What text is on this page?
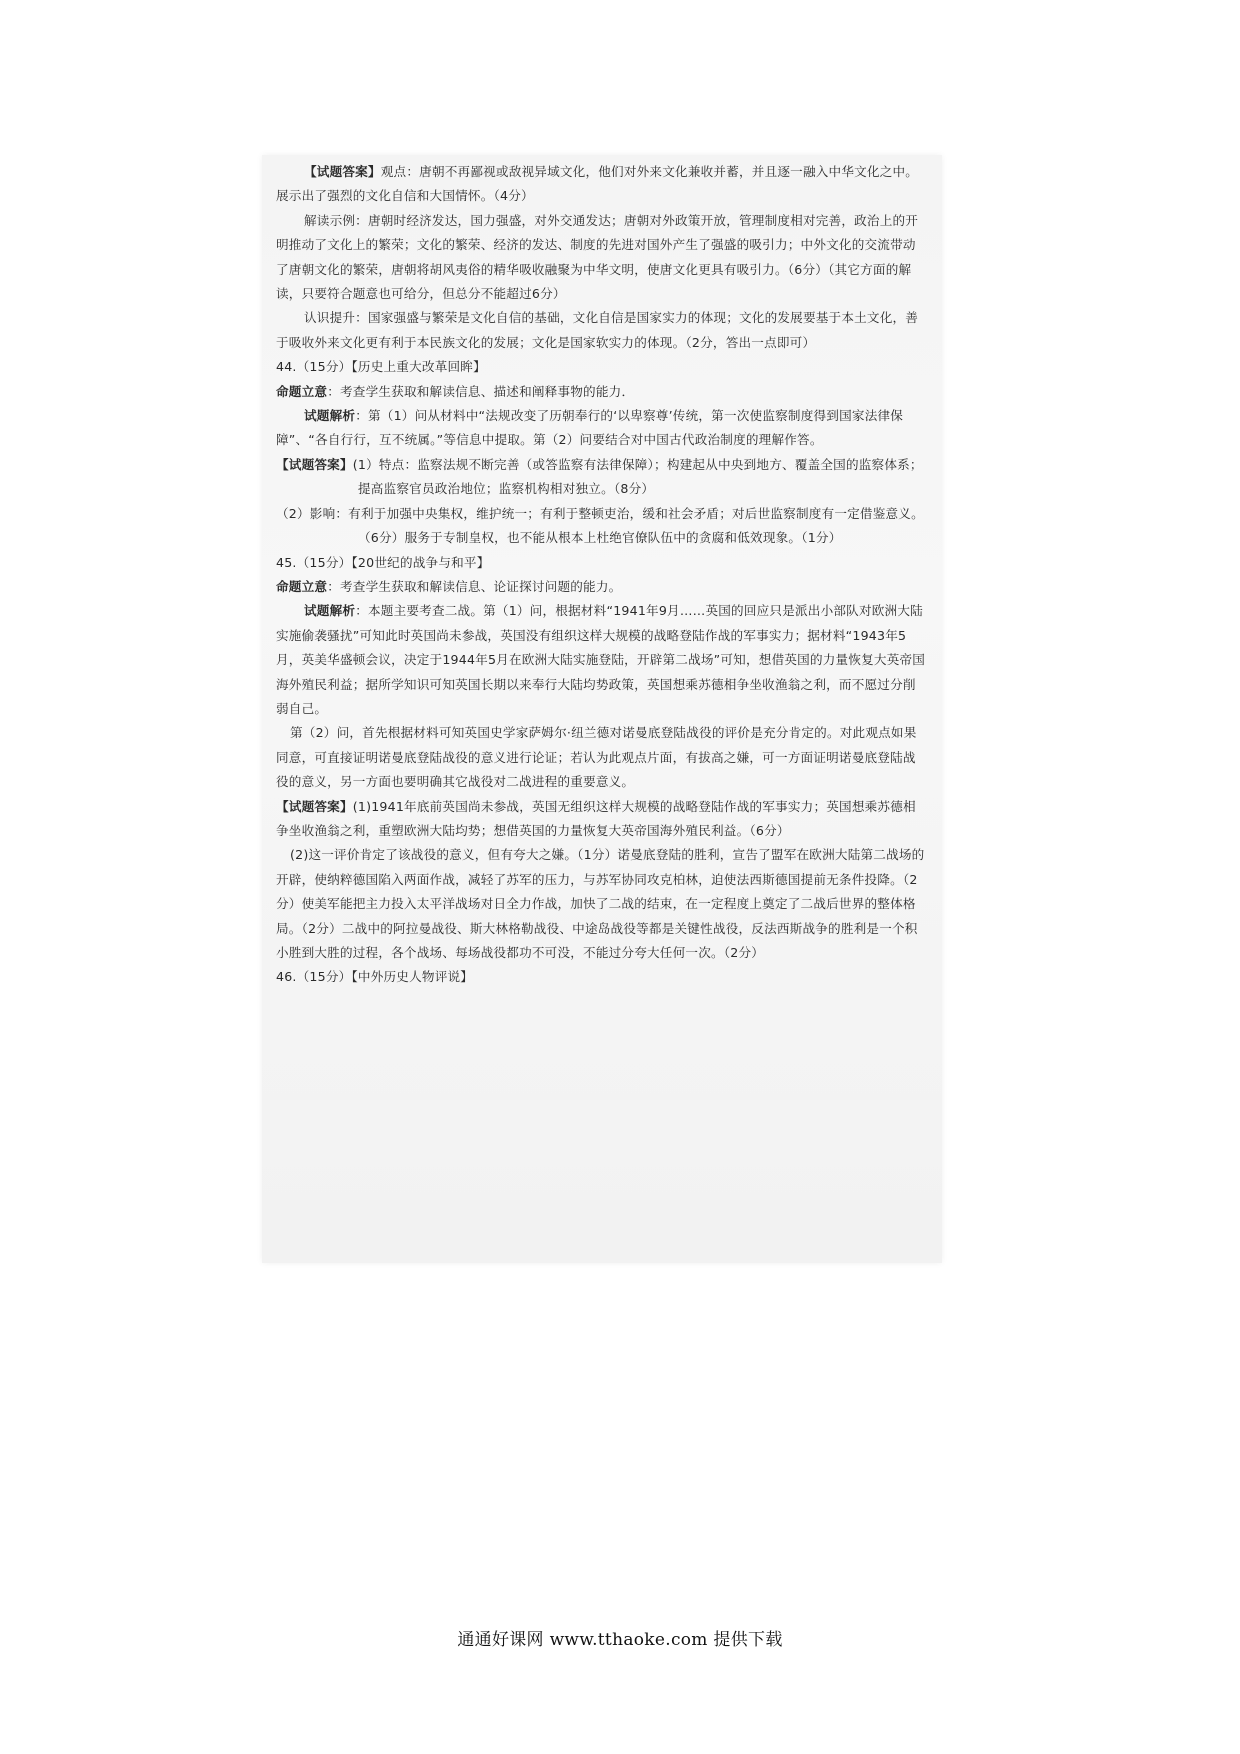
【试题答案】观点：唐朝不再鄙视或敌视异域文化，他们对外来文化兼收并蓄，并且逐一融入中华文化之中。展示出了强烈的文化自信和大国情怀。（4分）

解读示例：唐朝时经济发达，国力强盛，对外交通发达；唐朝对外政策开放，管理制度相对完善，政治上的开明推动了文化上的繁荣；文化的繁荣、经济的发达、制度的先进对国外产生了强盛的吸引力；中外文化的交流带动了唐朝文化的繁荣，唐朝将胡风夷俗的精华吸收融聚为中华文明，使唐文化更具有吸引力。（6分）（其它方面的解读，只要符合题意也可给分，但总分不能超过6分）

认识提升：国家强盛与繁荣是文化自信的基础，文化自信是国家实力的体现；文化的发展要基于本土文化，善于吸收外来文化更有利于本民族文化的发展；文化是国家软实力的体现。（2分，答出一点即可）

44.（15分）【历史上重大改革回眸】

命题立意：考查学生获取和解读信息、描述和阐释事物的能力．

试题解析：第（1）问从材料中“法规改变了历朝奉行的‘以卑察尊’传统，第一次使监察制度得到国家法律保障”、“各自行行，互不统属。”等信息中提取。第（2）问要结合对中国古代政治制度的理解作答。

【试题答案】(1）特点：监察法规不断完善（或答监察有法律保障）；构建起从中央到地方、覆盖全国的监察体系；提高监察官员政治地位；监察机构相对独立。（8分）

（2）影响：有利于加强中央集权，维护统一；有利于整顿吏治，缓和社会矛盾；对后世监察制度有一定借鉴意义。（6分）服务于专制皇权，也不能从根本上杜绝官僚队伍中的贪腐和低效现象。（1分）

45.（15分）【20世纪的战争与和平】

命题立意：考查学生获取和解读信息、论证探讨问题的能力。

试题解析：本题主要考查二战。第（1）问，根据材料“1941年9月……英国的回应只是派出小部队对欧洲大陆实施偷袭骚扰”可知此时英国尚未参战，英国没有组织这样大规模的战略登陆作战的军事实力；据材料“1943年5月，英美华盛顿会议，决定于1944年5月在欧洲大陆实施登陆，开辟第二战场”可知，想借英国的力量恢复大英帝国海外殖民利益；据所学知识可知英国长期以来奉行大陆均势政策，英国想乘苏德相争坐收渔翁之利，而不愿过分削弱自己。

第（2）问，首先根据材料可知英国史学家萨姆尔·纽兰德对诺曼底登陆战役的评价是充分肯定的。对此观点如果同意，可直接证明诺曼底登陆战役的意义进行论证；若认为此观点片面，有拔高之嫌，可一方面证明诺曼底登陆战役的意义，另一方面也要明确其它战役对二战进程的重要意义。

【试题答案】(1)1941年底前英国尚未参战，英国无组织这样大规模的战略登陆作战的军事实力；英国想乘苏德相争坐收渔翁之利，重塑欧洲大陆均势；想借英国的力量恢复大英帝国海外殖民利益。（6分）

(2)这一评价肯定了该战役的意义，但有夸大之嫌。（1分）诺曼底登陆的胜利，宣告了盟军在欧洲大陆第二战场的开辟，使纳粹德国陷入两面作战，减轻了苏军的压力，与苏军协同攻克柏林，迫使法西斯德国提前无条件投降。（2分）使美军能把主力投入太平洋战场对日全力作战，加快了二战的结束，在一定程度上奠定了二战后世界的整体格局。（2分）二战中的阿拉曼战役、斯大林格勒战役、中途岛战役等都是关键性战役，反法西斯战争的胜利是一个积小胜到大胜的过程，各个战场、每场战役都功不可没，不能过分夸大任何一次。（2分）

46.（15分）【中外历史人物评说】

通通好课网 www.tthaoke.com 提供下载
